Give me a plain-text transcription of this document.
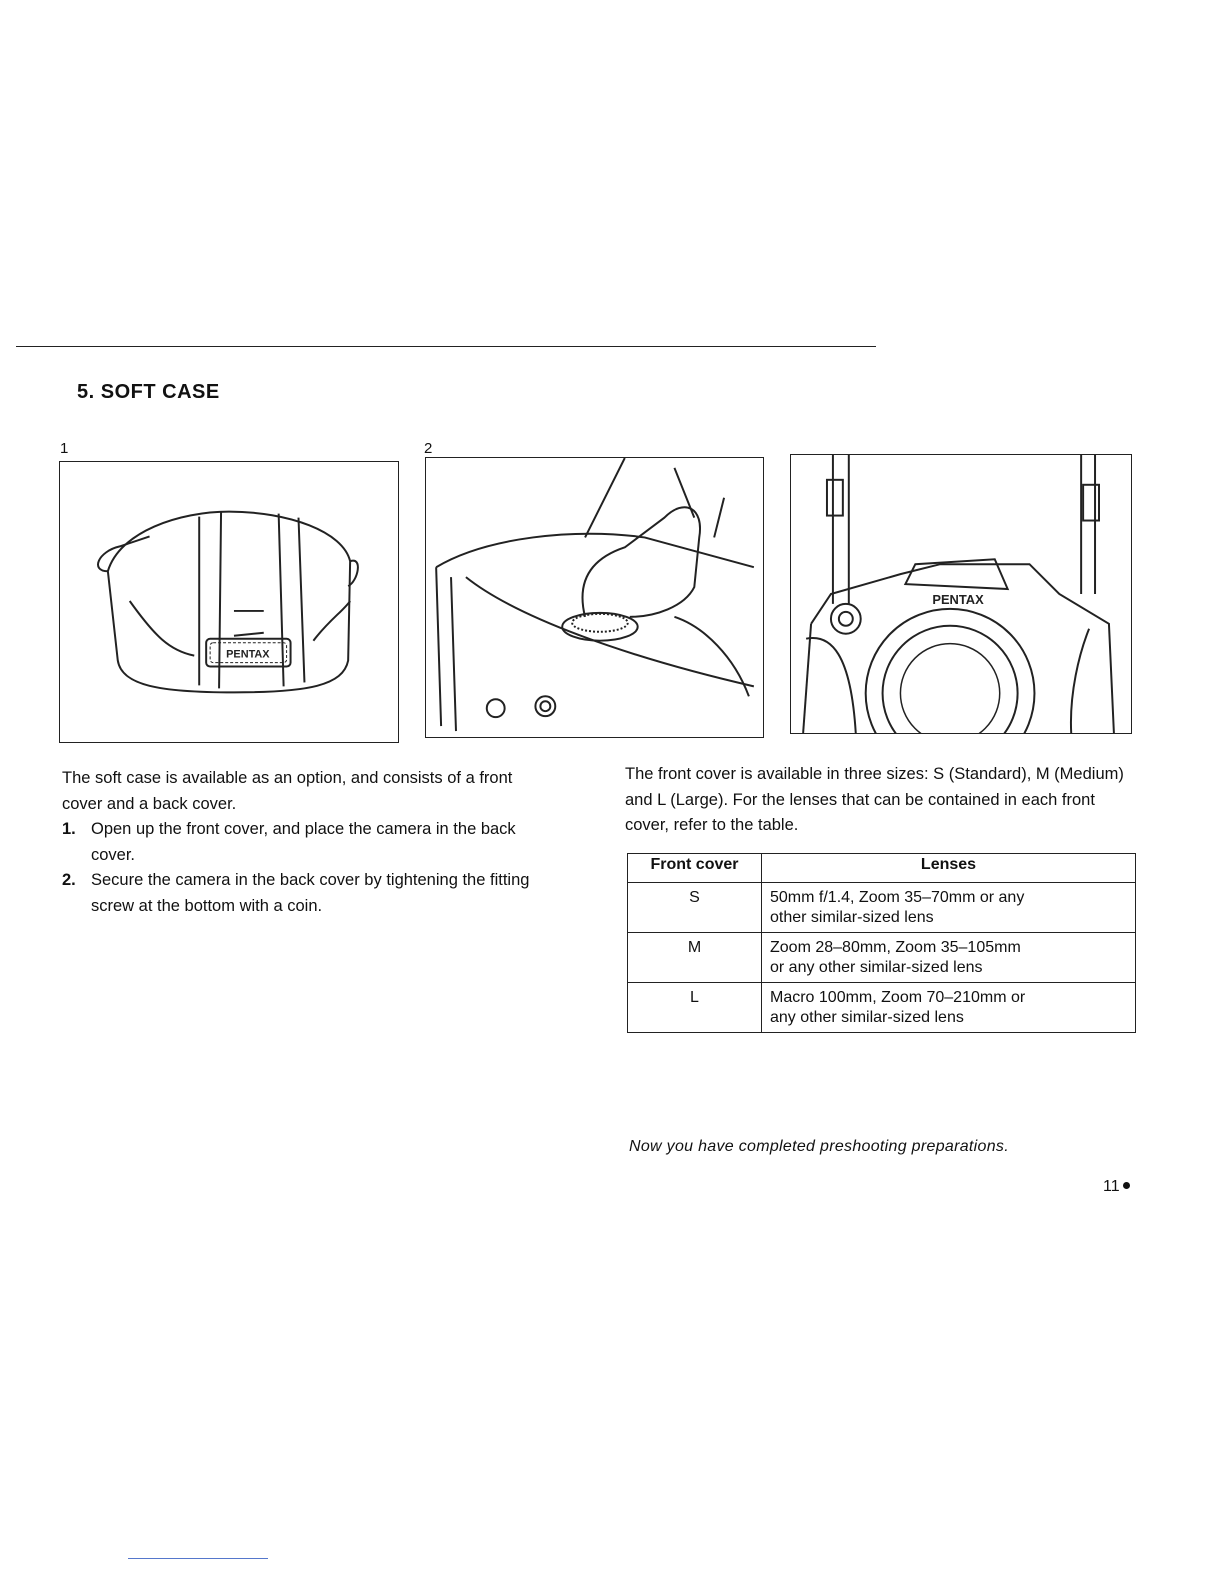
5. SOFT CASE
1
PENTAX
2
PENTAX

The soft case is available as an option, and consists of a front cover and a back cover.

1. Open up the front cover, and place the camera in the back cover.
2. Secure the camera in the back cover by tightening the fitting screw at the bottom with a coin.

The front cover is available in three sizes: S (Standard), M (Medium) and L (Large). For the lenses that can be contained in each front cover, refer to the table.

Front cover	Lenses
S	50mm f/1.4, Zoom 35–70mm or any
other similar-sized lens

M	Zoom 28–80mm, Zoom 35–105mm
or any other similar-sized lens

L	Macro 100mm, Zoom 70–210mm or
any other similar-sized lens
Now you have completed preshooting preparations.
11
